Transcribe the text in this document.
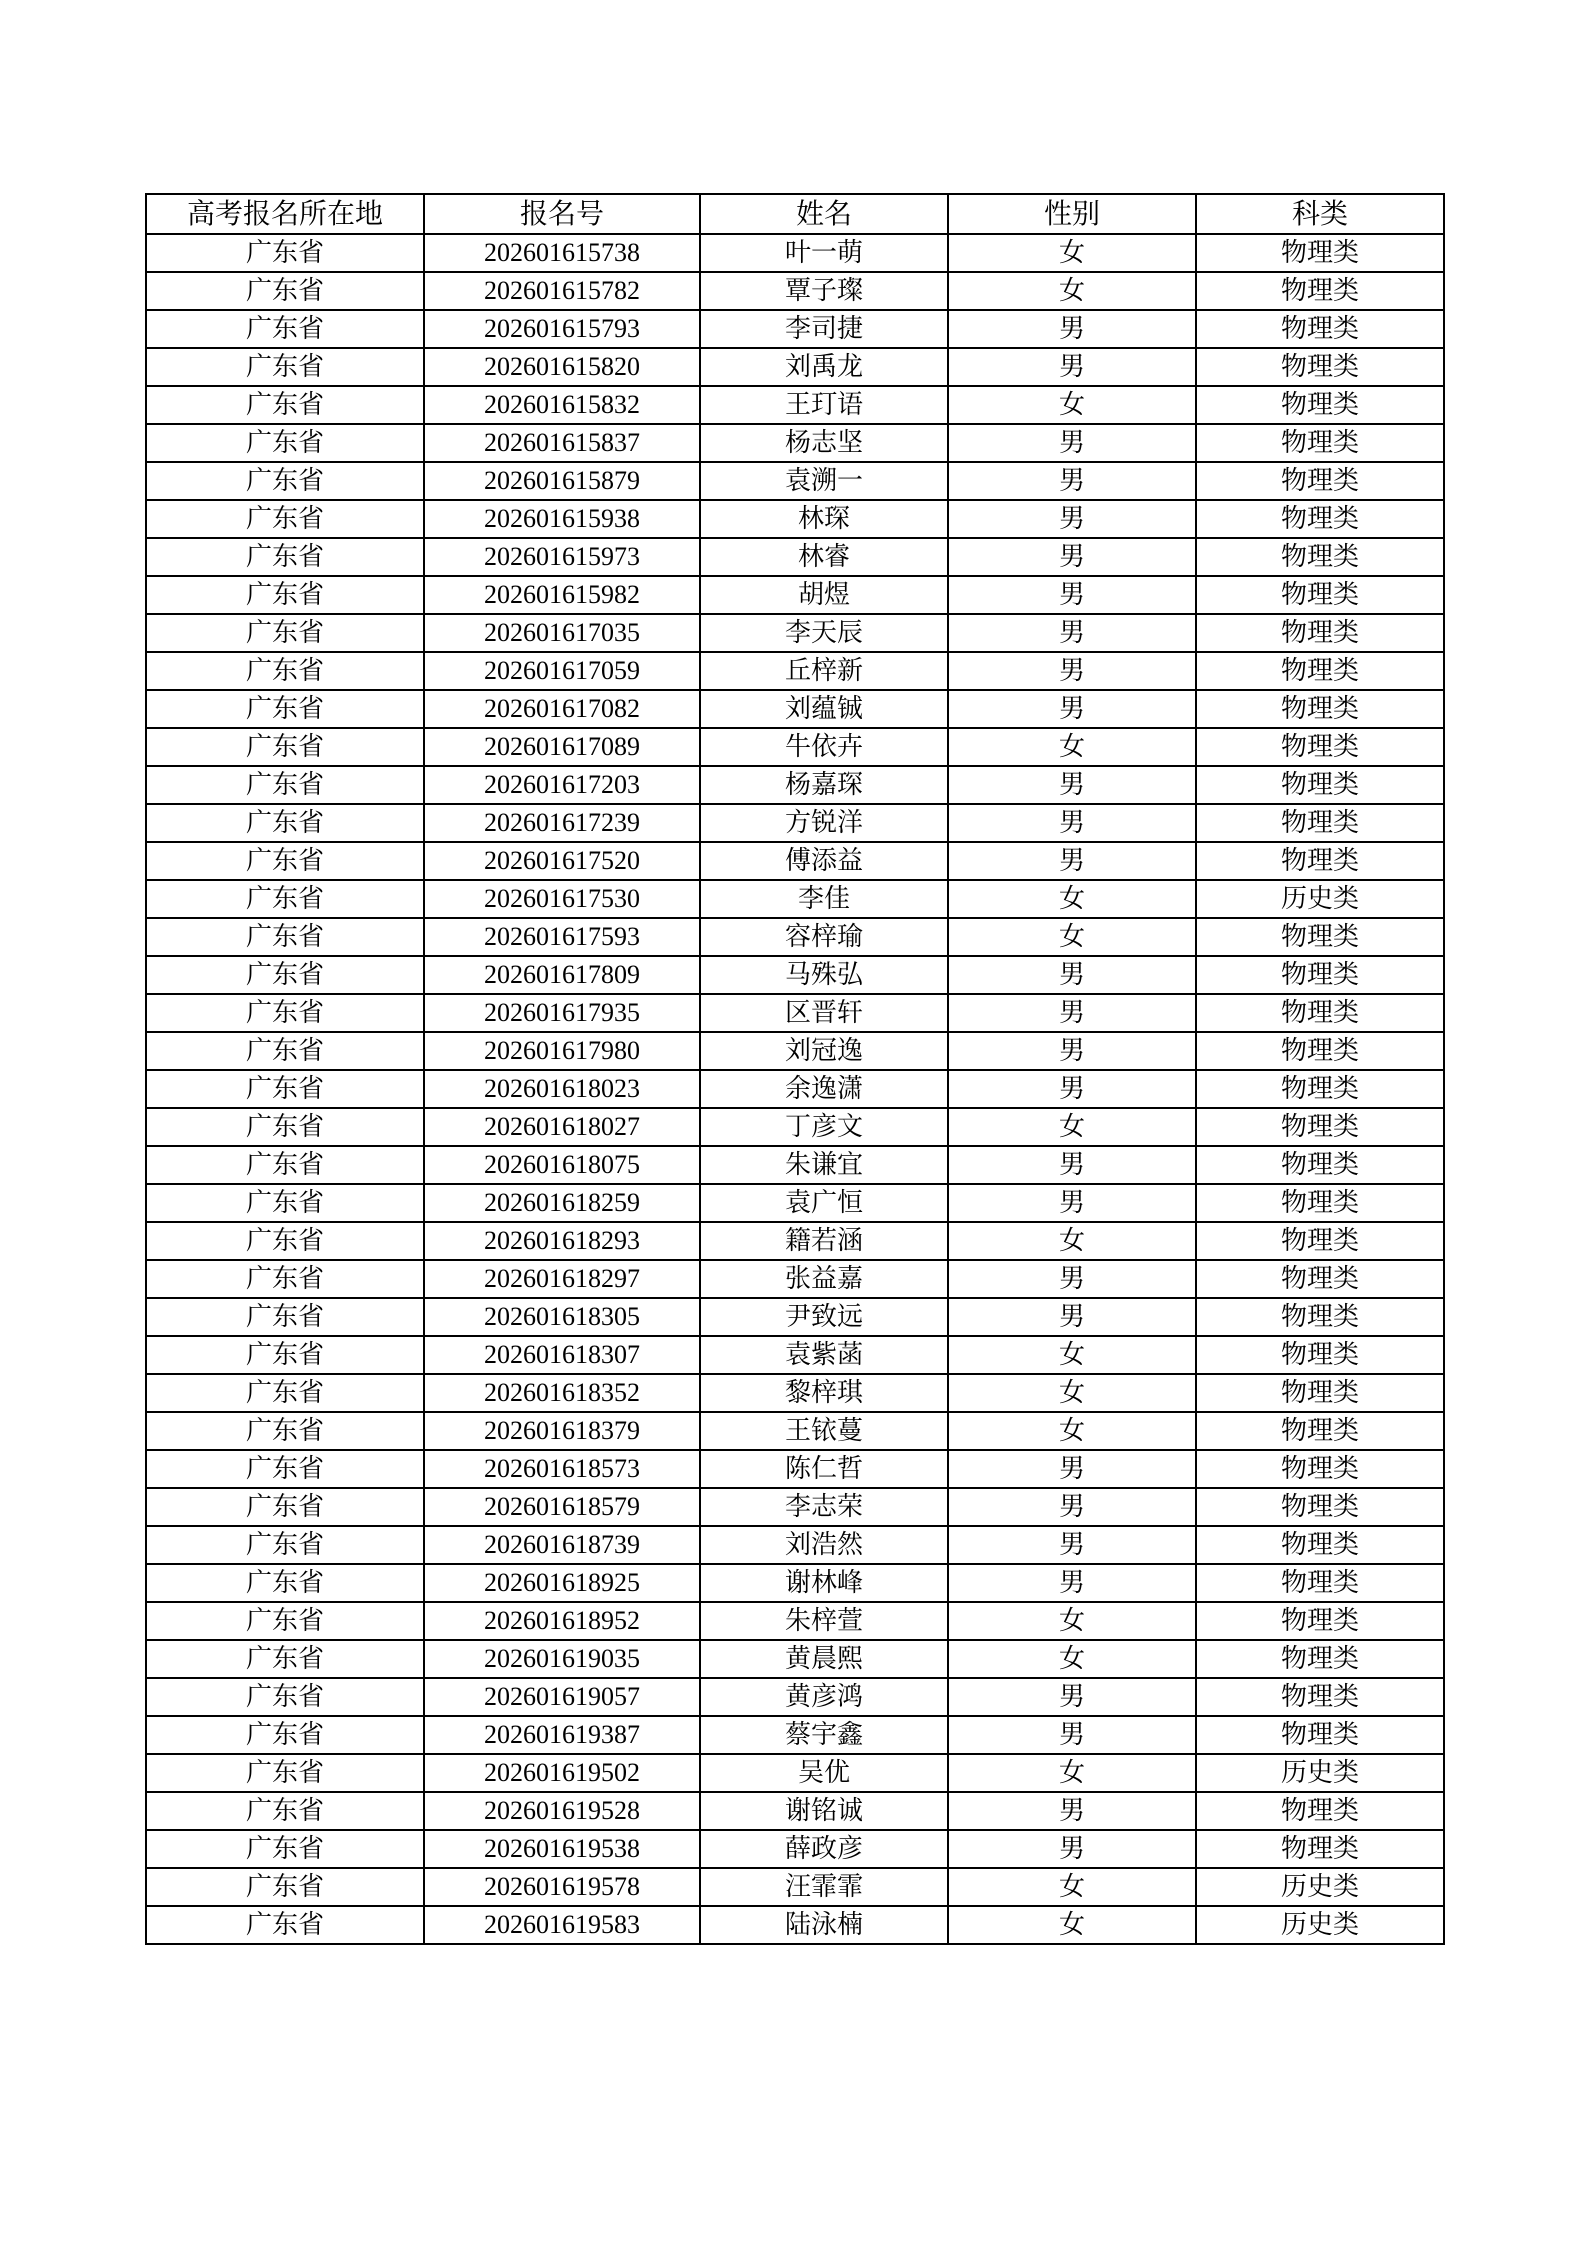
高考报名所在地	报名号	姓名	性别	科类
广东省	202601615738	叶一萌	女	物理类
广东省	202601615782	覃子璨	女	物理类
广东省	202601615793	李司捷	男	物理类
广东省	202601615820	刘禹龙	男	物理类
广东省	202601615832	王玎语	女	物理类
广东省	202601615837	杨志坚	男	物理类
广东省	202601615879	袁溯一	男	物理类
广东省	202601615938	林琛	男	物理类
广东省	202601615973	林睿	男	物理类
广东省	202601615982	胡煜	男	物理类
广东省	202601617035	李天辰	男	物理类
广东省	202601617059	丘梓新	男	物理类
广东省	202601617082	刘蕴铖	男	物理类
广东省	202601617089	牛依卉	女	物理类
广东省	202601617203	杨嘉琛	男	物理类
广东省	202601617239	方锐洋	男	物理类
广东省	202601617520	傅添益	男	物理类
广东省	202601617530	李佳	女	历史类
广东省	202601617593	容梓瑜	女	物理类
广东省	202601617809	马殊弘	男	物理类
广东省	202601617935	区晋轩	男	物理类
广东省	202601617980	刘冠逸	男	物理类
广东省	202601618023	余逸潇	男	物理类
广东省	202601618027	丁彦文	女	物理类
广东省	202601618075	朱谦宜	男	物理类
广东省	202601618259	袁广恒	男	物理类
广东省	202601618293	籍若涵	女	物理类
广东省	202601618297	张益嘉	男	物理类
广东省	202601618305	尹致远	男	物理类
广东省	202601618307	袁紫菡	女	物理类
广东省	202601618352	黎梓琪	女	物理类
广东省	202601618379	王铱蔓	女	物理类
广东省	202601618573	陈仁哲	男	物理类
广东省	202601618579	李志荣	男	物理类
广东省	202601618739	刘浩然	男	物理类
广东省	202601618925	谢林峰	男	物理类
广东省	202601618952	朱梓萱	女	物理类
广东省	202601619035	黄晨熙	女	物理类
广东省	202601619057	黄彦鸿	男	物理类
广东省	202601619387	蔡宇鑫	男	物理类
广东省	202601619502	吴优	女	历史类
广东省	202601619528	谢铭诚	男	物理类
广东省	202601619538	薛政彦	男	物理类
广东省	202601619578	汪霏霏	女	历史类
广东省	202601619583	陆泳楠	女	历史类
